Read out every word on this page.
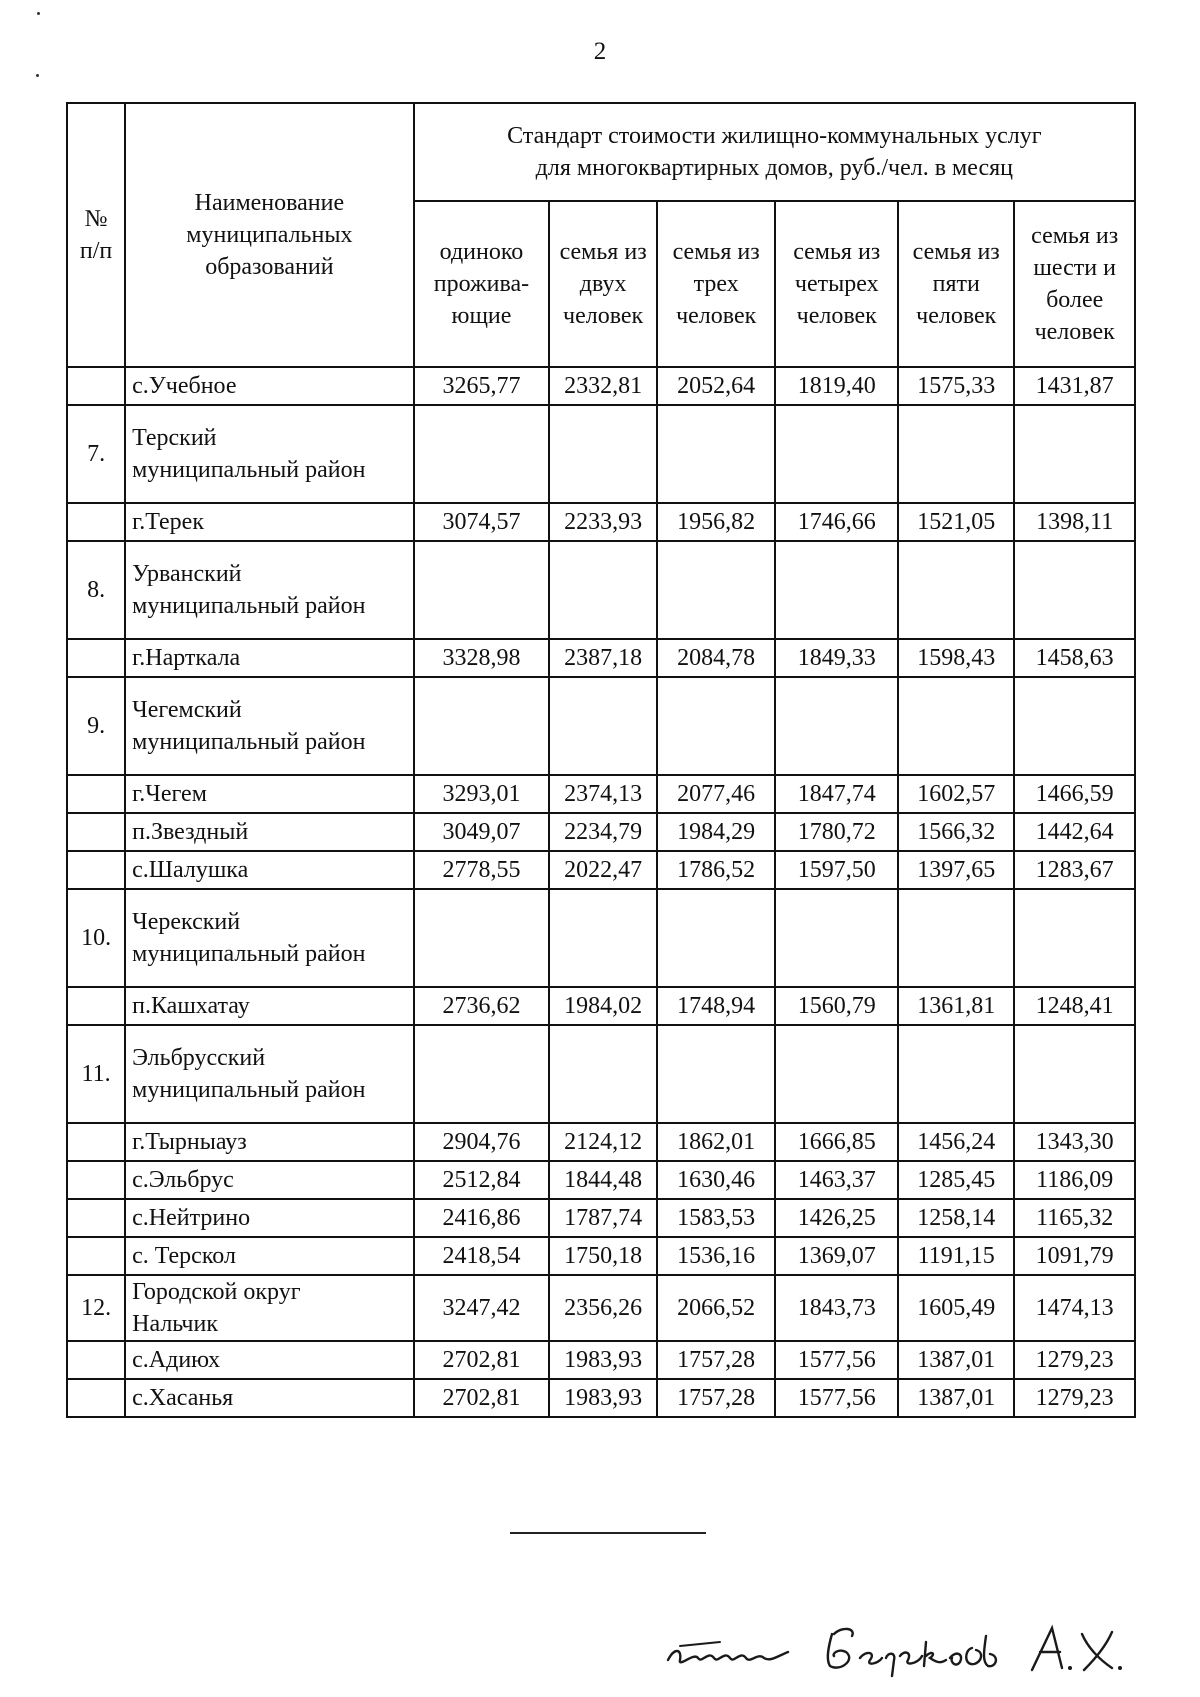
2
№
п/п	Наименование муниципальных образований	Стандарт стоимости жилищно-коммунальных услуг
для многоквартирных домов, руб./чел. в месяц					
		одиноко прожива-ющие	семья из двух человек	семья из трех человек	семья из четырех человек	семья из пяти человек	семья из шести и более человек
	с.Учебное	3265,77	2332,81	2052,64	1819,40	1575,33	1431,87
7.	Терский
муниципальный район						
	г.Терек	3074,57	2233,93	1956,82	1746,66	1521,05	1398,11
8.	Урванский
муниципальный район						
	г.Нарткала	3328,98	2387,18	2084,78	1849,33	1598,43	1458,63
9.	Чегемский
муниципальный район						
	г.Чегем	3293,01	2374,13	2077,46	1847,74	1602,57	1466,59
	п.Звездный	3049,07	2234,79	1984,29	1780,72	1566,32	1442,64
	с.Шалушка	2778,55	2022,47	1786,52	1597,50	1397,65	1283,67
10.	Черекский
муниципальный район						
	п.Кашхатау	2736,62	1984,02	1748,94	1560,79	1361,81	1248,41
11.	Эльбрусский
муниципальный район						
	г.Тырныауз	2904,76	2124,12	1862,01	1666,85	1456,24	1343,30
	с.Эльбрус	2512,84	1844,48	1630,46	1463,37	1285,45	1186,09
	с.Нейтрино	2416,86	1787,74	1583,53	1426,25	1258,14	1165,32
	с. Терскол	2418,54	1750,18	1536,16	1369,07	1191,15	1091,79
12.	Городской округ
Нальчик	3247,42	2356,26	2066,52	1843,73	1605,49	1474,13
	с.Адиюх	2702,81	1983,93	1757,28	1577,56	1387,01	1279,23
	с.Хасанья	2702,81	1983,93	1757,28	1577,56	1387,01	1279,23
